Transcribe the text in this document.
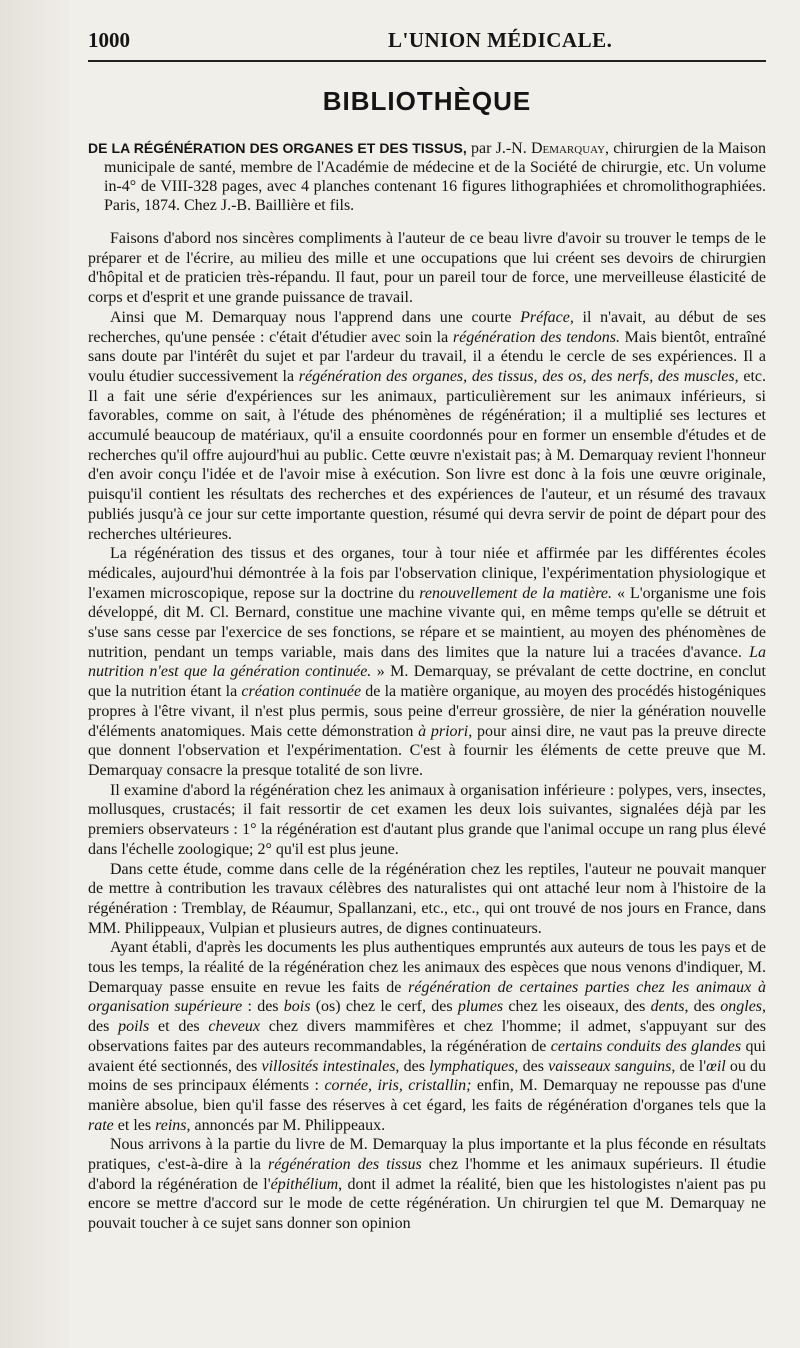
1000	L'UNION MÉDICALE.
BIBLIOTHÈQUE
DE LA RÉGÉNÉRATION DES ORGANES ET DES TISSUS, par J.-N. Demarquay, chirurgien de la Maison municipale de santé, membre de l'Académie de médecine et de la Société de chirurgie, etc. Un volume in-4° de VIII-328 pages, avec 4 planches contenant 16 figures lithographiées et chromolithographiées. Paris, 1874. Chez J.-B. Baillière et fils.

Faisons d'abord nos sincères compliments à l'auteur de ce beau livre d'avoir su trouver le temps de le préparer et de l'écrire, au milieu des mille et une occupations que lui créent ses devoirs de chirurgien d'hôpital et de praticien très-répandu. Il faut, pour un pareil tour de force, une merveilleuse élasticité de corps et d'esprit et une grande puissance de travail.

Ainsi que M. Demarquay nous l'apprend dans une courte Préface, il n'avait, au début de ses recherches, qu'une pensée : c'était d'étudier avec soin la régénération des tendons. Mais bientôt, entraîné sans doute par l'intérêt du sujet et par l'ardeur du travail, il a étendu le cercle de ses expériences. Il a voulu étudier successivement la régénération des organes, des tissus, des os, des nerfs, des muscles, etc. Il a fait une série d'expériences sur les animaux, particulièrement sur les animaux inférieurs, si favorables, comme on sait, à l'étude des phénomènes de régénération; il a multiplié ses lectures et accumulé beaucoup de matériaux, qu'il a ensuite coordonnés pour en former un ensemble d'études et de recherches qu'il offre aujourd'hui au public. Cette œuvre n'existait pas; à M. Demarquay revient l'honneur d'en avoir conçu l'idée et de l'avoir mise à exécution. Son livre est donc à la fois une œuvre originale, puisqu'il contient les résultats des recherches et des expériences de l'auteur, et un résumé des travaux publiés jusqu'à ce jour sur cette importante question, résumé qui devra servir de point de départ pour des recherches ultérieures.

La régénération des tissus et des organes, tour à tour niée et affirmée par les différentes écoles médicales, aujourd'hui démontrée à la fois par l'observation clinique, l'expérimentation physiologique et l'examen microscopique, repose sur la doctrine du renouvellement de la matière. « L'organisme une fois développé, dit M. Cl. Bernard, constitue une machine vivante qui, en même temps qu'elle se détruit et s'use sans cesse par l'exercice de ses fonctions, se répare et se maintient, au moyen des phénomènes de nutrition, pendant un temps variable, mais dans des limites que la nature lui a tracées d'avance. La nutrition n'est que la génération continuée. » M. Demarquay, se prévalant de cette doctrine, en conclut que la nutrition étant la création continuée de la matière organique, au moyen des procédés histogéniques propres à l'être vivant, il n'est plus permis, sous peine d'erreur grossière, de nier la génération nouvelle d'éléments anatomiques. Mais cette démonstration à priori, pour ainsi dire, ne vaut pas la preuve directe que donnent l'observation et l'expérimentation. C'est à fournir les éléments de cette preuve que M. Demarquay consacre la presque totalité de son livre.

Il examine d'abord la régénération chez les animaux à organisation inférieure : polypes, vers, insectes, mollusques, crustacés; il fait ressortir de cet examen les deux lois suivantes, signalées déjà par les premiers observateurs : 1° la régénération est d'autant plus grande que l'animal occupe un rang plus élevé dans l'échelle zoologique; 2° qu'il est plus jeune.

Dans cette étude, comme dans celle de la régénération chez les reptiles, l'auteur ne pouvait manquer de mettre à contribution les travaux célèbres des naturalistes qui ont attaché leur nom à l'histoire de la régénération : Tremblay, de Réaumur, Spallanzani, etc., etc., qui ont trouvé de nos jours en France, dans MM. Philippeaux, Vulpian et plusieurs autres, de dignes continuateurs.

Ayant établi, d'après les documents les plus authentiques empruntés aux auteurs de tous les pays et de tous les temps, la réalité de la régénération chez les animaux des espèces que nous venons d'indiquer, M. Demarquay passe ensuite en revue les faits de régénération de certaines parties chez les animaux à organisation supérieure : des bois (os) chez le cerf, des plumes chez les oiseaux, des dents, des ongles, des poils et des cheveux chez divers mammifères et chez l'homme; il admet, s'appuyant sur des observations faites par des auteurs recommandables, la régénération de certains conduits des glandes qui avaient été sectionnés, des villosités intestinales, des lymphatiques, des vaisseaux sanguins, de l'œil ou du moins de ses principaux éléments : cornée, iris, cristallin; enfin, M. Demarquay ne repousse pas d'une manière absolue, bien qu'il fasse des réserves à cet égard, les faits de régénération d'organes tels que la rate et les reins, annoncés par M. Philippeaux.

Nous arrivons à la partie du livre de M. Demarquay la plus importante et la plus féconde en résultats pratiques, c'est-à-dire à la régénération des tissus chez l'homme et les animaux supérieurs. Il étudie d'abord la régénération de l'épithélium, dont il admet la réalité, bien que les histologistes n'aient pas pu encore se mettre d'accord sur le mode de cette régénération. Un chirurgien tel que M. Demarquay ne pouvait toucher à ce sujet sans donner son opinion
